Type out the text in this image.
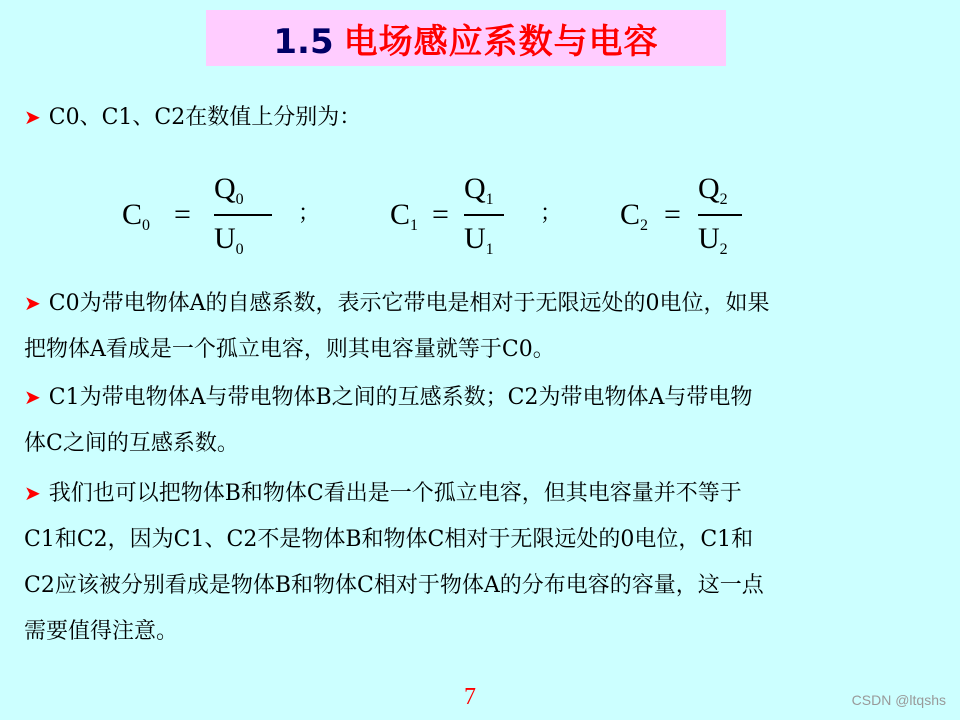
1.5 电场感应系数与电容
➤ C0、C1、C2在数值上分别为：
$C_0$ =
$Q_0$
$U_0$
； $C_1$ =
$Q_1$
$U_1$
； $C_2$ =
$Q_2$
$U_2$
➤ C0为带电物体A的自感系数，表示它带电是相对于无限远处的0电位，如果
把物体A看成是一个孤立电容，则其电容量就等于C0。
➤ C1为带电物体A与带电物体B之间的互感系数；C2为带电物体A与带电物
体C之间的互感系数。
➤ 我们也可以把物体B和物体C看出是一个孤立电容，但其电容量并不等于
C1和C2，因为C1、C2不是物体B和物体C相对于无限远处的0电位，C1和
C2应该被分别看成是物体B和物体C相对于物体A的分布电容的容量，这一点
需要值得注意。
7	CSDN @ltqshs
